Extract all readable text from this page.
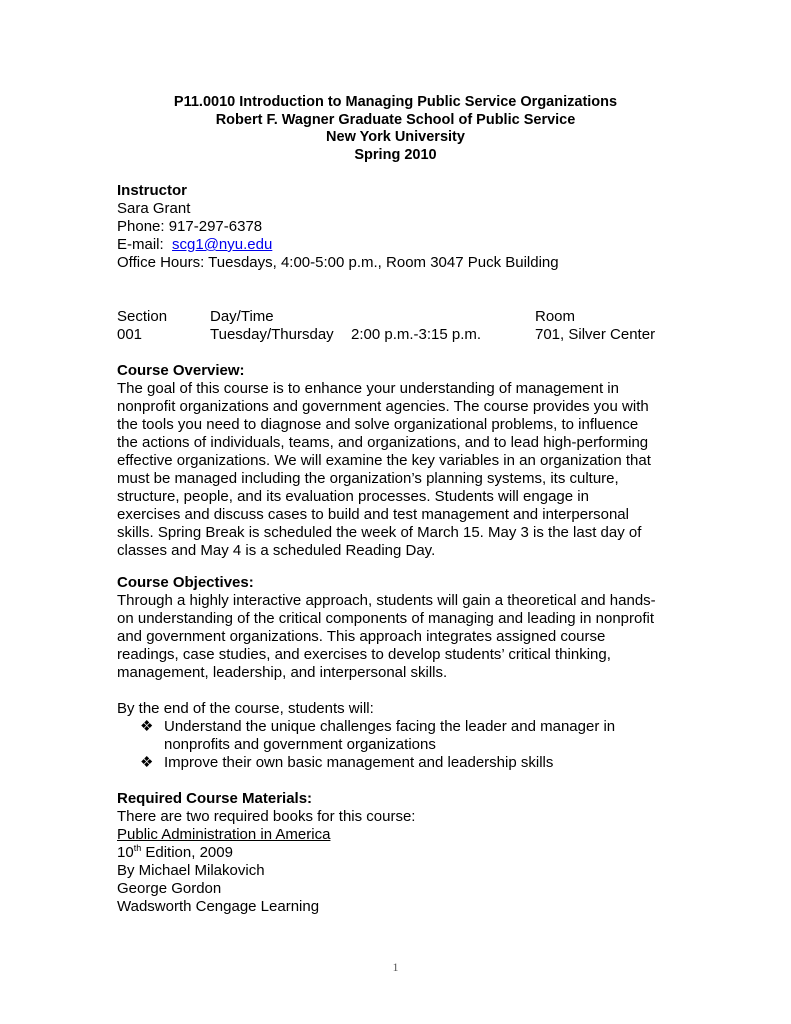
P11.0010 Introduction to Managing Public Service Organizations
Robert F. Wagner Graduate School of Public Service
New York University
Spring 2010
Instructor
Sara Grant
Phone: 917-297-6378
E-mail:  scg1@nyu.edu
Office Hours: Tuesdays, 4:00-5:00 p.m., Room 3047 Puck Building
Section	Day/Time	Room
001	Tuesday/Thursday 2:00 p.m.-3:15 p.m.	701, Silver Center
Course Overview:
The goal of this course is to enhance your understanding of management in
nonprofit organizations and government agencies. The course provides you with
the tools you need to diagnose and solve organizational problems, to influence
the actions of individuals, teams, and organizations, and to lead high-performing
effective organizations. We will examine the key variables in an organization that
must be managed including the organization’s planning systems, its culture,
structure, people, and its evaluation processes. Students will engage in
exercises and discuss cases to build and test management and interpersonal
skills. Spring Break is scheduled the week of March 15. May 3 is the last day of
classes and May 4 is a scheduled Reading Day.
Course Objectives:
Through a highly interactive approach, students will gain a theoretical and hands-
on understanding of the critical components of managing and leading in nonprofit
and government organizations. This approach integrates assigned course
readings, case studies, and exercises to develop students’ critical thinking,
management, leadership, and interpersonal skills.
By the end of the course, students will:
❖ Understand the unique challenges facing the leader and manager in
nonprofits and government organizations
❖ Improve their own basic management and leadership skills
Required Course Materials:
There are two required books for this course:
Public Administration in America
10th Edition, 2009
By Michael Milakovich
George Gordon
Wadsworth Cengage Learning
1
